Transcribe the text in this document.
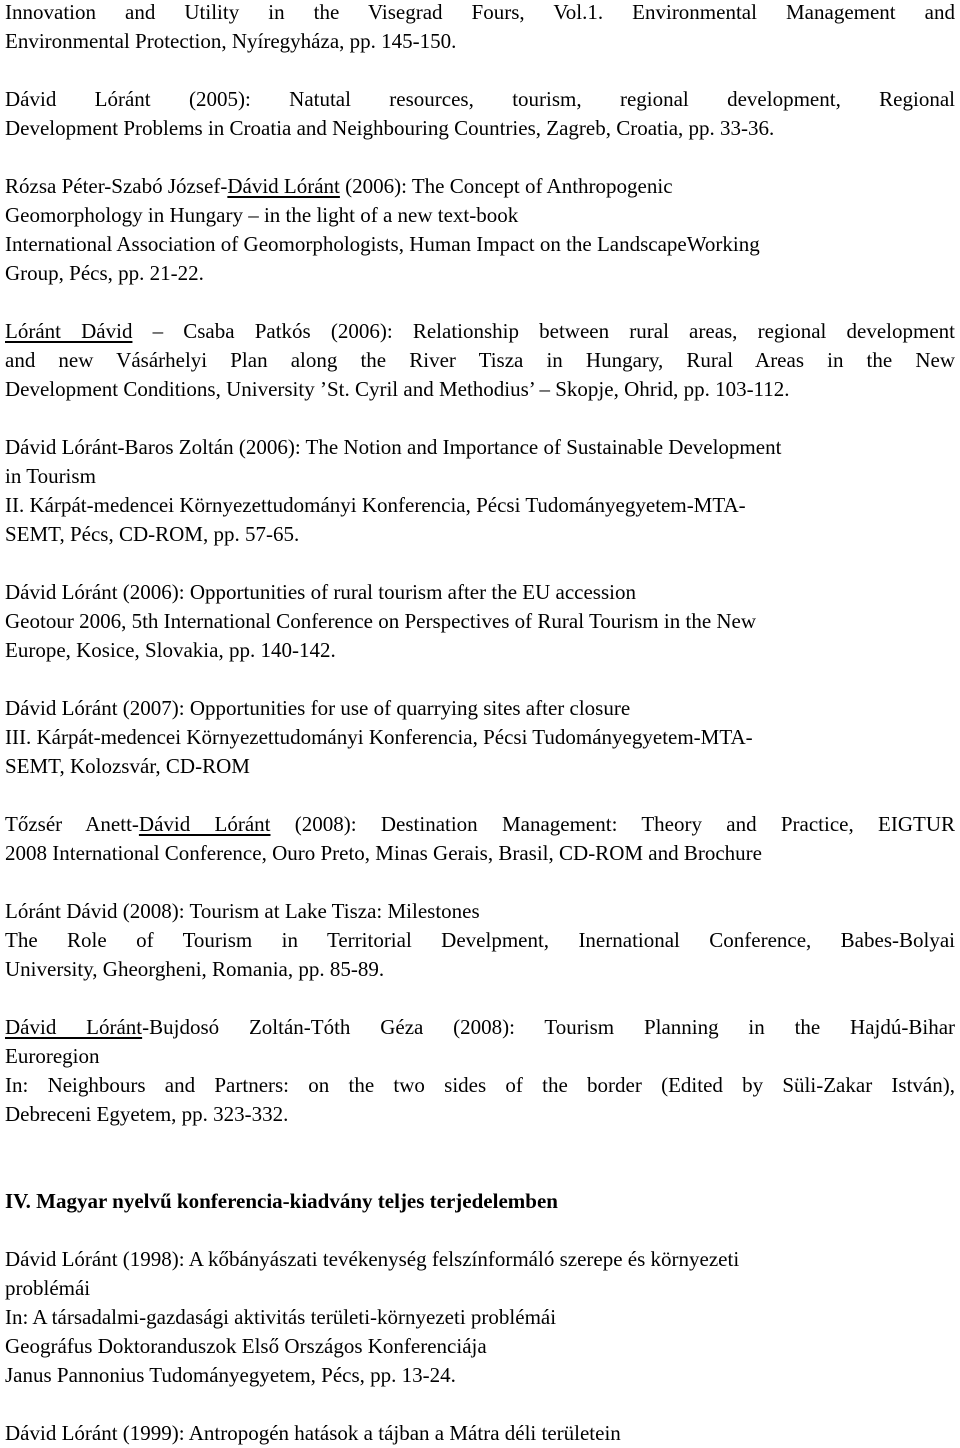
Innovation and Utility in the Visegrad Fours, Vol.1. Environmental Management and
Environmental Protection, Nyíregyháza, pp. 145-150.
Dávid Lóránt (2005): Natutal resources, tourism, regional development, Regional
Development Problems in Croatia and Neighbouring Countries, Zagreb, Croatia, pp. 33-36.
Rózsa Péter-Szabó József-Dávid Lóránt (2006): The Concept of Anthropogenic
Geomorphology in Hungary – in the light of a new text-book
International Association of Geomorphologists, Human Impact on the LandscapeWorking
Group, Pécs, pp. 21-22.
Lóránt Dávid – Csaba Patkós (2006): Relationship between rural areas, regional development
and new Vásárhelyi Plan along the River Tisza in Hungary, Rural Areas in the New
Development Conditions, University ’St. Cyril and Methodius’ – Skopje, Ohrid, pp. 103-112.
Dávid Lóránt-Baros Zoltán (2006): The Notion and Importance of Sustainable Development
in Tourism
II. Kárpát-medencei Környezettudományi Konferencia, Pécsi Tudományegyetem-MTA-
SEMT, Pécs, CD-ROM, pp. 57-65.
Dávid Lóránt (2006): Opportunities of rural tourism after the EU accession
Geotour 2006, 5th International Conference on Perspectives of Rural Tourism in the New
Europe, Kosice, Slovakia, pp. 140-142.
Dávid Lóránt (2007): Opportunities for use of quarrying sites after closure
III. Kárpát-medencei Környezettudományi Konferencia, Pécsi Tudományegyetem-MTA-
SEMT, Kolozsvár, CD-ROM
Tőzsér Anett-Dávid Lóránt (2008): Destination Management: Theory and Practice, EIGTUR
2008 International Conference, Ouro Preto, Minas Gerais, Brasil, CD-ROM and Brochure
Lóránt Dávid (2008): Tourism at Lake Tisza: Milestones
The Role of Tourism in Territorial Develpment, Inernational Conference, Babes-Bolyai
University, Gheorgheni, Romania, pp. 85-89.
Dávid Lóránt-Bujdosó Zoltán-Tóth Géza (2008): Tourism Planning in the Hajdú-Bihar
Euroregion
In: Neighbours and Partners: on the two sides of the border (Edited by Süli-Zakar István),
Debreceni Egyetem, pp. 323-332.
IV. Magyar nyelvű konferencia-kiadvány teljes terjedelemben
Dávid Lóránt (1998): A kőbányászati tevékenység felszínformáló szerepe és környezeti
problémái
In: A társadalmi-gazdasági aktivitás területi-környezeti problémái
Geográfus Doktoranduszok Első Országos Konferenciája
Janus Pannonius Tudományegyetem, Pécs, pp. 13-24.
Dávid Lóránt (1999): Antropogén hatások a tájban a Mátra déli területein
